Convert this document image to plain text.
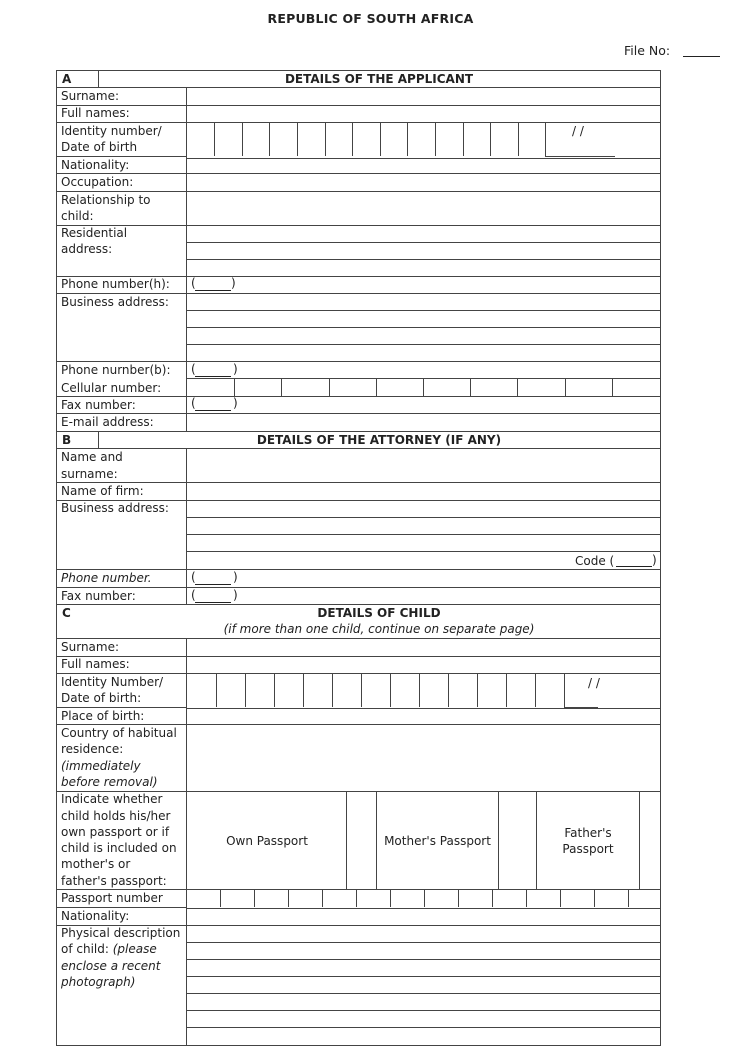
REPUBLIC OF SOUTH AFRICA
File No:
A	DETAILS OF THE APPLICANT
Surname:
Full names:
Identity number/
Date of birth
/ /
Nationality:
Occupation:
Relationship to
child:
Residential
address:
Phone number(h): (	)
Business address:
Phone nurnber(b): (	)
Cellular number:
Fax number:	(	)
E-mail address:
B	DETAILS OF THE ATTORNEY (IF ANY)
Name and
surname:
Name of firm:
Business address:
Code (	)
Phone number.	(	)
Fax number:	(	)
C	DETAILS OF CHILD
(if more than one child, continue on separate page)
Surname:
Full names:
Identity Number/
Date of birth:
/ /
Place of birth:
Country of habitual
residence:
(immediately
before removal)
Indicate whether
child holds his/her
own passport or if
child is included on
mother's or
father's passport:
Own Passport	Mother's Passport
Father's
Passport
Passport number
Nationality:
Physical description
of child: (please
enclose a recent
photograph)
